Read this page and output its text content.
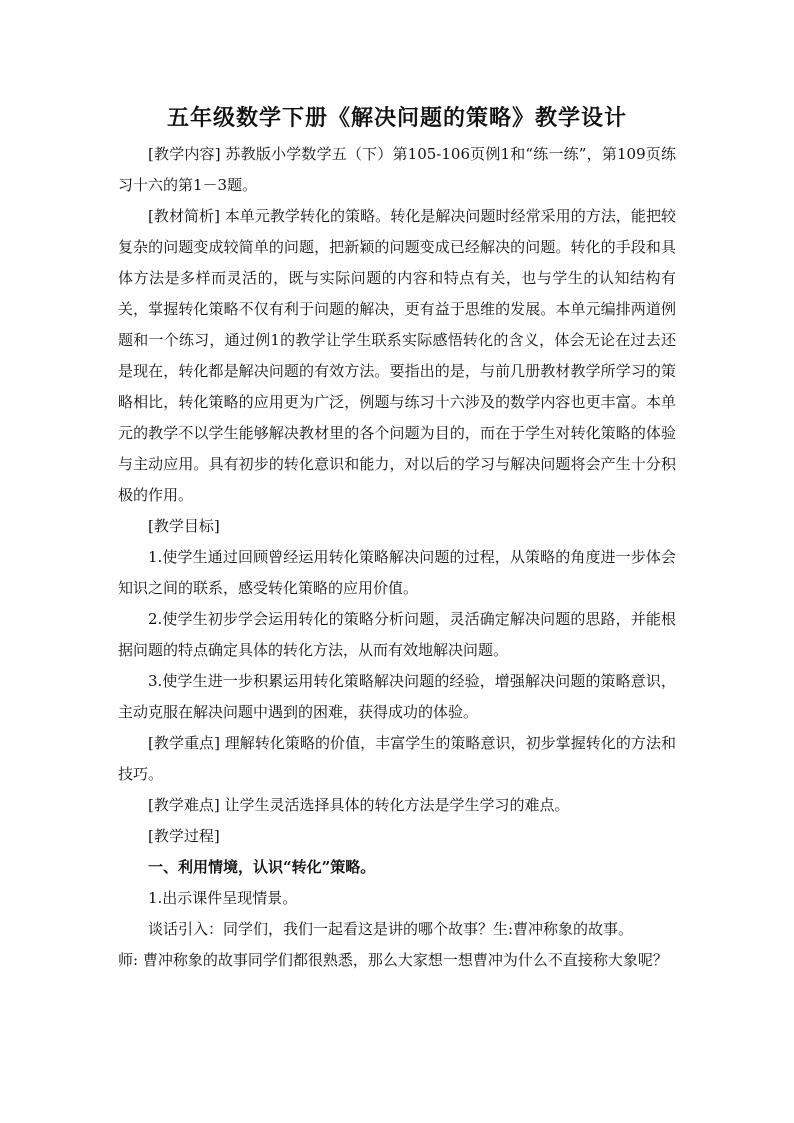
五年级数学下册《解决问题的策略》教学设计

[教学内容] 苏教版小学数学五（下）第105-106页例1和“练一练”，第109页练习十六的第1－3题。

[教材简析] 本单元教学转化的策略。转化是解决问题时经常采用的方法，能把较复杂的问题变成较简单的问题，把新颖的问题变成已经解决的问题。转化的手段和具体方法是多样而灵活的，既与实际问题的内容和特点有关，也与学生的认知结构有关，掌握转化策略不仅有利于问题的解决，更有益于思维的发展。本单元编排两道例题和一个练习，通过例1的教学让学生联系实际感悟转化的含义，体会无论在过去还是现在，转化都是解决问题的有效方法。要指出的是，与前几册教材教学所学习的策略相比，转化策略的应用更为广泛，例题与练习十六涉及的数学内容也更丰富。本单元的教学不以学生能够解决教材里的各个问题为目的，而在于学生对转化策略的体验与主动应用。具有初步的转化意识和能力，对以后的学习与解决问题将会产生十分积极的作用。

[教学目标]

1.使学生通过回顾曾经运用转化策略解决问题的过程，从策略的角度进一步体会知识之间的联系，感受转化策略的应用价值。

2.使学生初步学会运用转化的策略分析问题，灵活确定解决问题的思路，并能根据问题的特点确定具体的转化方法，从而有效地解决问题。

3.使学生进一步积累运用转化策略解决问题的经验，增强解决问题的策略意识，主动克服在解决问题中遇到的困难，获得成功的体验。

[教学重点] 理解转化策略的价值，丰富学生的策略意识，初步掌握转化的方法和技巧。

[教学难点] 让学生灵活选择具体的转化方法是学生学习的难点。

[教学过程]

一、利用情境，认识“转化”策略。

1.出示课件呈现情景。

谈话引入：同学们，我们一起看这是讲的哪个故事？生:曹冲称象的故事。

师: 曹冲称象的故事同学们都很熟悉，那么大家想一想曹冲为什么不直接称大象呢？
